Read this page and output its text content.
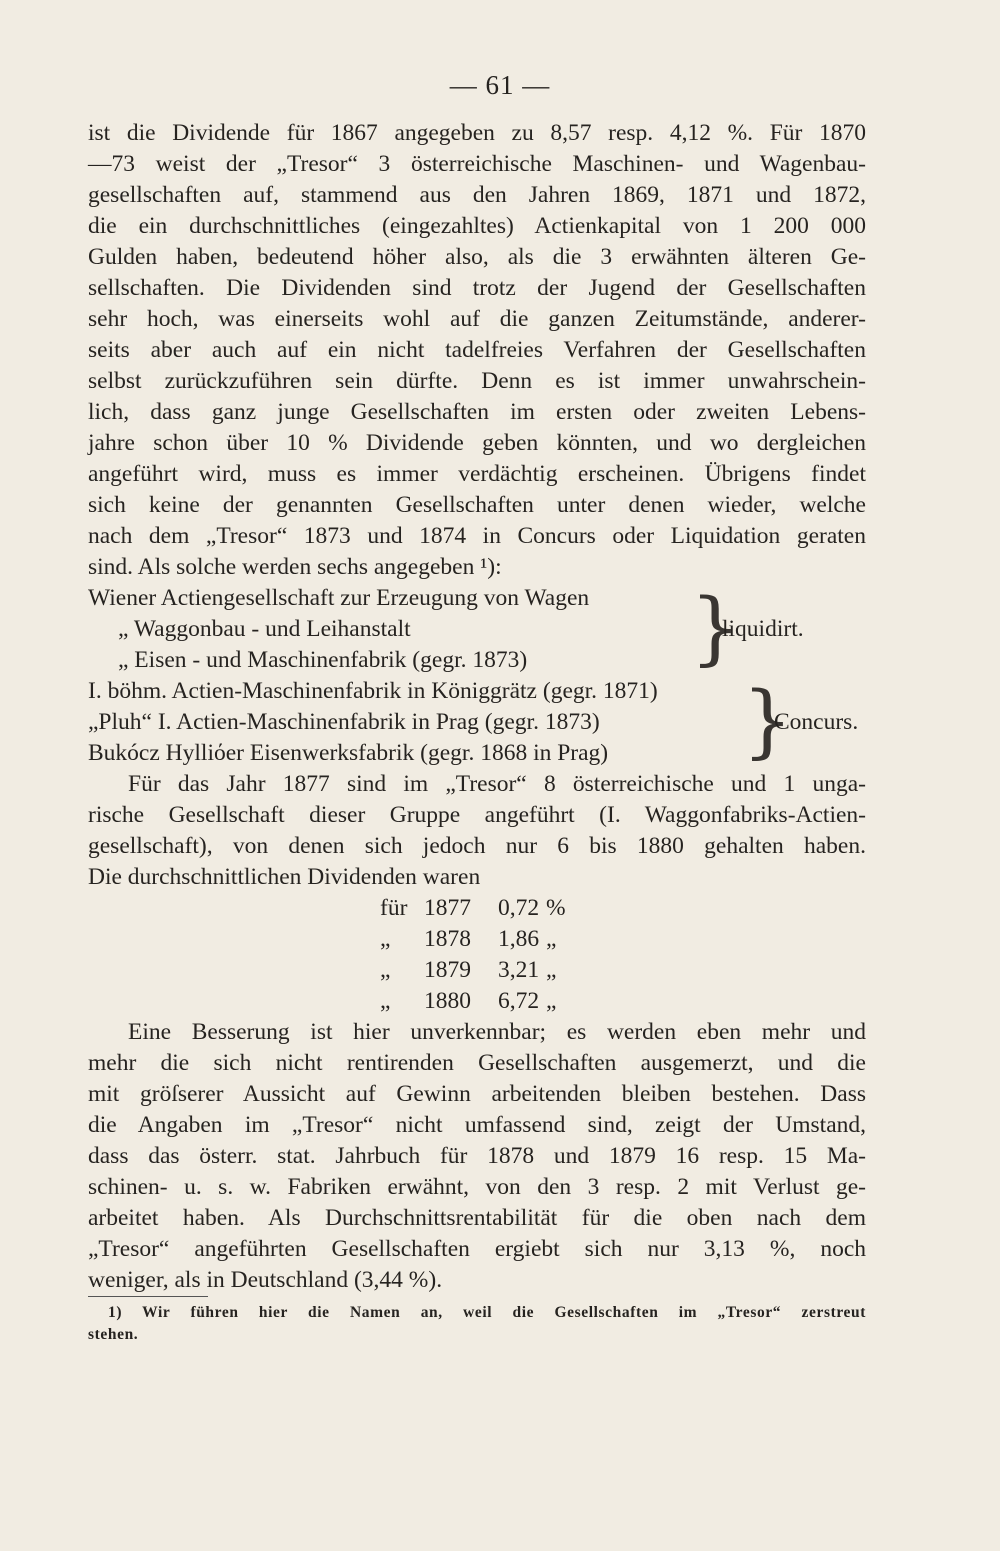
— 61 —
ist die Dividende für 1867 angegeben zu 8,57 resp. 4,12 %. Für 1870
—73 weist der „Tresor“ 3 österreichische Maschinen- und Wagenbau-
gesellschaften auf, stammend aus den Jahren 1869, 1871 und 1872,
die ein durchschnittliches (eingezahltes) Actienkapital von 1 200 000
Gulden haben, bedeutend höher also, als die 3 erwähnten älteren Ge-
sellschaften. Die Dividenden sind trotz der Jugend der Gesellschaften
sehr hoch, was einerseits wohl auf die ganzen Zeitumstände, anderer-
seits aber auch auf ein nicht tadelfreies Verfahren der Gesellschaften
selbst zurückzuführen sein dürfte. Denn es ist immer unwahrschein-
lich, dass ganz junge Gesellschaften im ersten oder zweiten Lebens-
jahre schon über 10 % Dividende geben könnten, und wo dergleichen
angeführt wird, muss es immer verdächtig erscheinen. Übrigens findet
sich keine der genannten Gesellschaften unter denen wieder, welche
nach dem „Tresor“ 1873 und 1874 in Concurs oder Liquidation geraten
sind. Als solche werden sechs angegeben ¹):
Wiener Actiengesellschaft zur Erzeugung von Wagen
„ Waggonbau - und Leihanstalt
„ Eisen - und Maschinenfabrik (gegr. 1873) }
liquidirt.
I. böhm. Actien-Maschinenfabrik in Königgrätz (gegr. 1871)
„Pluh“ I. Actien-Maschinenfabrik in Prag (gegr. 1873)
Bukócz Hylliόer Eisenwerksfabrik (gegr. 1868 in Prag) }
Concurs.
Für das Jahr 1877 sind im „Tresor“ 8 österreichische und 1 unga-
rische Gesellschaft dieser Gruppe angeführt (I. Waggonfabriks-Actien-
gesellschaft), von denen sich jedoch nur 6 bis 1880 gehalten haben.
Die durchschnittlichen Dividenden waren
für 1877 0,72 %
„ 1878 1,86 „
„ 1879 3,21 „
„ 1880 6,72 „
Eine Besserung ist hier unverkennbar; es werden eben mehr und
mehr die sich nicht rentirenden Gesellschaften ausgemerzt, und die
mit gröſserer Aussicht auf Gewinn arbeitenden bleiben bestehen. Dass
die Angaben im „Tresor“ nicht umfassend sind, zeigt der Umstand,
dass das österr. stat. Jahrbuch für 1878 und 1879 16 resp. 15 Ma-
schinen- u. s. w. Fabriken erwähnt, von den 3 resp. 2 mit Verlust ge-
arbeitet haben. Als Durchschnittsrentabilität für die oben nach dem
„Tresor“ angeführten Gesellschaften ergiebt sich nur 3,13 %, noch
weniger, als in Deutschland (3,44 %).
1) Wir führen hier die Namen an, weil die Gesellschaften im „Tresor“ zerstreut
stehen.
